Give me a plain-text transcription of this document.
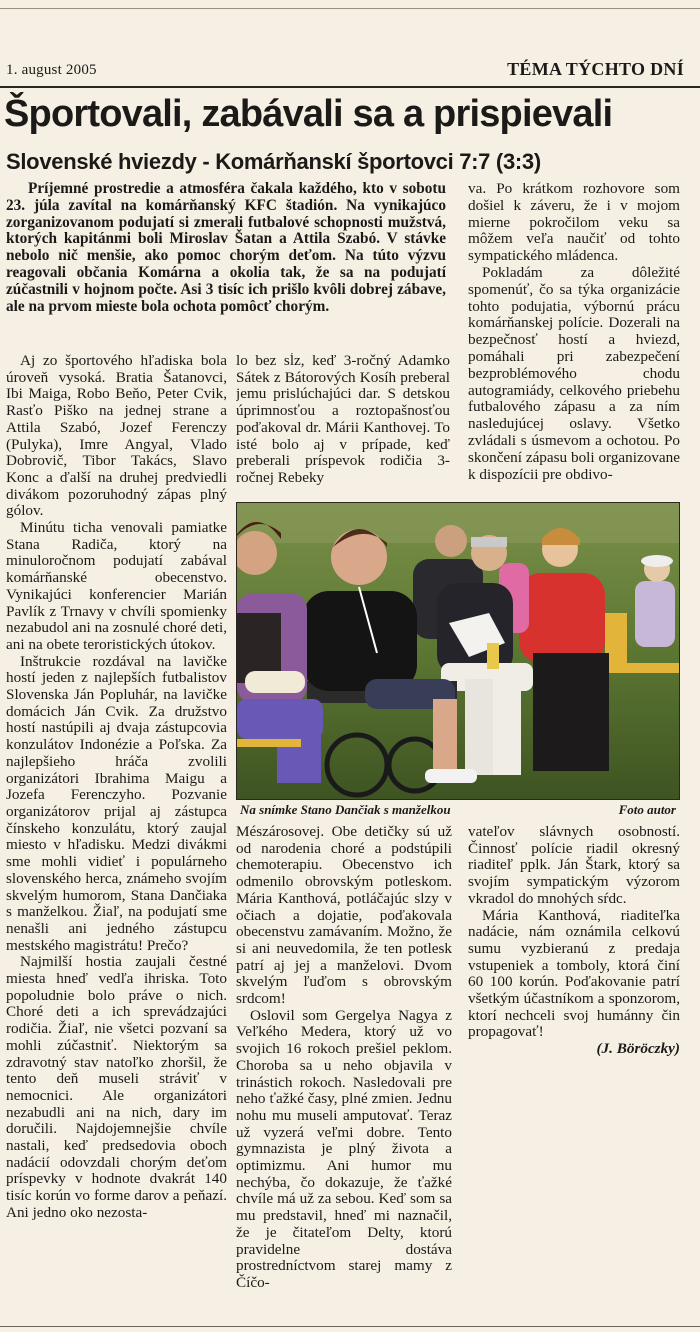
1. august 2005	TÉMA TÝCHTO DNÍ
Športovali, zabávali sa a prispievali
Slovenské hviezdy - Komárňanskí športovci 7:7 (3:3)

Príjemné prostredie a atmosféra čakala každého, kto v sobotu 23. júla zavítal na komárňanský KFC štadión. Na vynikajúco zorganizovanom podujatí si zmerali futbalové schopnosti mužstvá, ktorých kapitánmi boli Miroslav Šatan a Attila Szabó. V stávke nebolo nič menšie, ako pomoc chorým deťom. Na túto výzvu reagovali občania Komárna a okolia tak, že sa na podujatí zúčastnili v hojnom počte. Asi 3 tisíc ich prišlo kvôli dobrej zábave, ale na prvom mieste bola ochota pomôcť chorým.

Aj zo športového hľadiska bola úroveň vysoká. Bratia Šatanovci, Ibi Maiga, Robo Beňo, Peter Cvik, Rasťo Piško na jednej strane a Attila Szabó, Jozef Ferenczy (Pulyka), Imre Angyal, Vlado Dobrovič, Tibor Takács, Slavo Konc a ďalší na druhej predviedli divákom pozoruhodný zápas plný gólov.

Minútu ticha venovali pamiatke Stana Radiča, ktorý na minuloročnom podujatí zabával komárňanské obecenstvo. Vynikajúci konferencier Marián Pavlík z Trnavy v chvíli spomienky nezabudol ani na zosnulé choré deti, ani na obete teroristických útokov.

Inštrukcie rozdával na lavičke hostí jeden z najlepších futbalistov Slovenska Ján Popluhár, na lavičke domácich Ján Cvik. Za družstvo hostí nastúpili aj dvaja zástupcovia konzulátov Indonézie a Poľska. Za najlepšieho hráča zvolili organizátori Ibrahima Maigu a Jozefa Ferenczyho. Pozvanie organizátorov prijal aj zástupca čínskeho konzulátu, ktorý zaujal miesto v hľadisku. Medzi divákmi sme mohli vidieť i populárneho slovenského herca, známeho svojím skvelým humorom, Stana Dančiaka s manželkou. Žiaľ, na podujatí sme nenašli ani jedného zástupcu mestského magistrátu! Prečo?

Najmilší hostia zaujali čestné miesta hneď vedľa ihriska. Toto popoludnie bolo práve o nich. Choré deti a ich sprevádzajúci rodičia. Žiaľ, nie všetci pozvaní sa mohli zúčastniť. Niektorým sa zdravotný stav natoľko zhoršil, že tento deň museli stráviť v nemocnici. Ale organizátori nezabudli ani na nich, dary im doručili. Najdojemnejšie chvíle nastali, keď predsedovia oboch nadácií odovzdali chorým deťom príspevky v hodnote dvakrát 140 tisíc korún vo forme darov a peňazí. Ani jedno oko nezosta-

lo bez sĺz, keď 3-ročný Adamko Sátek z Bátorových Kosíh preberal jemu prislúchajúci dar. S detskou úprimnosťou a roztopašnosťou poďakoval dr. Márii Kanthovej. To isté bolo aj v prípade, keď preberali príspevok rodičia 3-ročnej Rebeky

va. Po krátkom rozhovore som došiel k záveru, že i v mojom mierne pokročilom veku sa môžem veľa naučiť od tohto sympatického mládenca.

Pokladám za dôležité spomenúť, čo sa týka organizácie tohto podujatia, výbornú prácu komárňanskej polície. Dozerali na bezpečnosť hostí a hviezd, pomáhali pri zabezpečení bezproblémového chodu autogramiády, celkového priebehu futbalového zápasu a za ním nasledujúcej oslavy. Všetko zvládali s úsmevom a ochotou. Po skončení zápasu boli organizovane k dispozícii pre obdivo-

Na snímke Stano Dančiak s manželkou	Foto autor

Mészárosovej. Obe detičky sú už od narodenia choré a podstúpili chemoterapiu. Obecenstvo ich odmenilo obrovským potleskom. Mária Kanthová, potláčajúc slzy v očiach a dojatie, poďakovala obecenstvu zamávaním. Možno, že si ani neuvedomila, že ten potlesk patrí aj jej a manželovi. Dvom skvelým ľuďom s obrovským srdcom!

Oslovil som Gergelya Nagya z Veľkého Medera, ktorý už vo svojich 16 rokoch prešiel peklom. Choroba sa u neho objavila v trinástich rokoch. Nasledovali pre neho ťažké časy, plné zmien. Jednu nohu mu museli amputovať. Teraz už vyzerá veľmi dobre. Tento gymnazista je plný života a optimizmu. Ani humor mu nechýba, čo dokazuje, že ťažké chvíle má už za sebou. Keď som sa mu predstavil, hneď mi naznačil, že je čitateľom Delty, ktorú pravidelne dostáva prostredníctvom starej mamy z Číčo-

vateľov slávnych osobností. Činnosť polície riadil okresný riaditeľ pplk. Ján Štark, ktorý sa svojím sympatickým výzorom vkradol do mnohých sŕdc.

Mária Kanthová, riaditeľka nadácie, nám oznámila celkovú sumu vyzbieranú z predaja vstupeniek a tomboly, ktorá činí 60 100 korún. Poďakovanie patrí všetkým účastníkom a sponzorom, ktorí nechceli svoj humánny čin propagovať!

(J. Böröczky)
